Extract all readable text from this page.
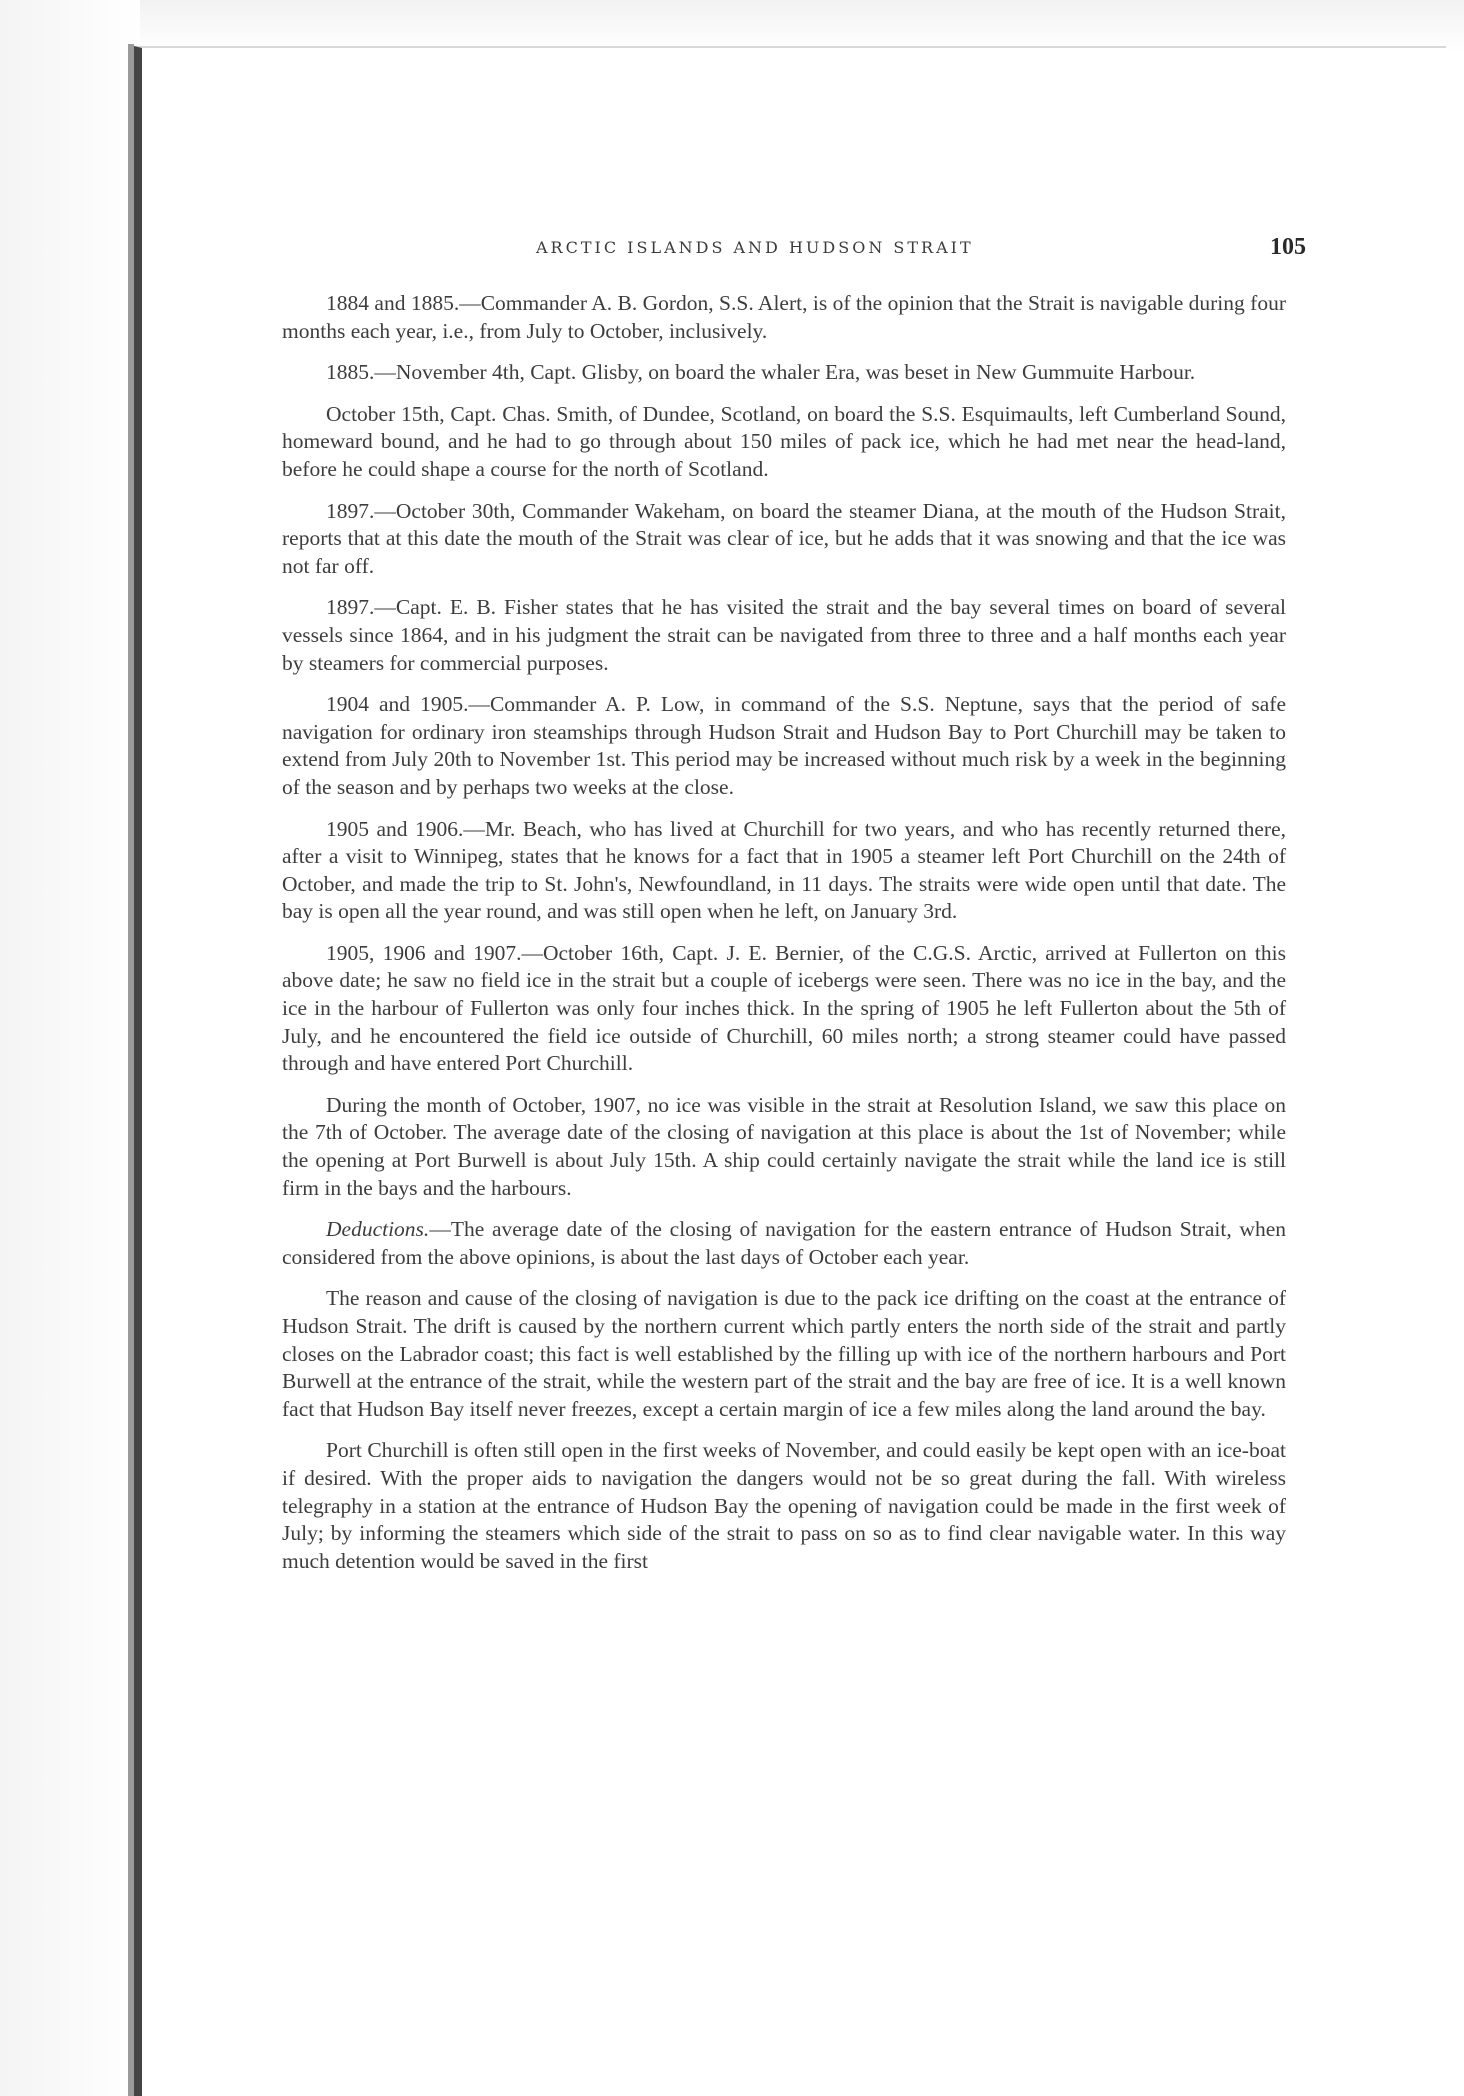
ARCTIC ISLANDS AND HUDSON STRAIT	105

1884 and 1885.—Commander A. B. Gordon, S.S. Alert, is of the opinion that the Strait is navigable during four months each year, i.e., from July to October, inclusively.

1885.—November 4th, Capt. Glisby, on board the whaler Era, was beset in New Gummuite Harbour.

October 15th, Capt. Chas. Smith, of Dundee, Scotland, on board the S.S. Esquimaults, left Cumberland Sound, homeward bound, and he had to go through about 150 miles of pack ice, which he had met near the head-land, before he could shape a course for the north of Scotland.

1897.—October 30th, Commander Wakeham, on board the steamer Diana, at the mouth of the Hudson Strait, reports that at this date the mouth of the Strait was clear of ice, but he adds that it was snowing and that the ice was not far off.

1897.—Capt. E. B. Fisher states that he has visited the strait and the bay several times on board of several vessels since 1864, and in his judgment the strait can be navigated from three to three and a half months each year by steamers for commercial purposes.

1904 and 1905.—Commander A. P. Low, in command of the S.S. Neptune, says that the period of safe navigation for ordinary iron steamships through Hudson Strait and Hudson Bay to Port Churchill may be taken to extend from July 20th to November 1st. This period may be increased without much risk by a week in the beginning of the season and by perhaps two weeks at the close.

1905 and 1906.—Mr. Beach, who has lived at Churchill for two years, and who has recently returned there, after a visit to Winnipeg, states that he knows for a fact that in 1905 a steamer left Port Churchill on the 24th of October, and made the trip to St. John's, Newfoundland, in 11 days. The straits were wide open until that date. The bay is open all the year round, and was still open when he left, on January 3rd.

1905, 1906 and 1907.—October 16th, Capt. J. E. Bernier, of the C.G.S. Arctic, arrived at Fullerton on this above date; he saw no field ice in the strait but a couple of icebergs were seen. There was no ice in the bay, and the ice in the harbour of Fullerton was only four inches thick. In the spring of 1905 he left Fullerton about the 5th of July, and he encountered the field ice outside of Churchill, 60 miles north; a strong steamer could have passed through and have entered Port Churchill.

During the month of October, 1907, no ice was visible in the strait at Resolution Island, we saw this place on the 7th of October. The average date of the closing of navigation at this place is about the 1st of November; while the opening at Port Burwell is about July 15th. A ship could certainly navigate the strait while the land ice is still firm in the bays and the harbours.

Deductions.—The average date of the closing of navigation for the eastern entrance of Hudson Strait, when considered from the above opinions, is about the last days of October each year.

The reason and cause of the closing of navigation is due to the pack ice drifting on the coast at the entrance of Hudson Strait. The drift is caused by the northern current which partly enters the north side of the strait and partly closes on the Labrador coast; this fact is well established by the filling up with ice of the northern harbours and Port Burwell at the entrance of the strait, while the western part of the strait and the bay are free of ice. It is a well known fact that Hudson Bay itself never freezes, except a certain margin of ice a few miles along the land around the bay.

Port Churchill is often still open in the first weeks of November, and could easily be kept open with an ice-boat if desired. With the proper aids to navigation the dangers would not be so great during the fall. With wireless telegraphy in a station at the entrance of Hudson Bay the opening of navigation could be made in the first week of July; by informing the steamers which side of the strait to pass on so as to find clear navigable water. In this way much detention would be saved in the first
